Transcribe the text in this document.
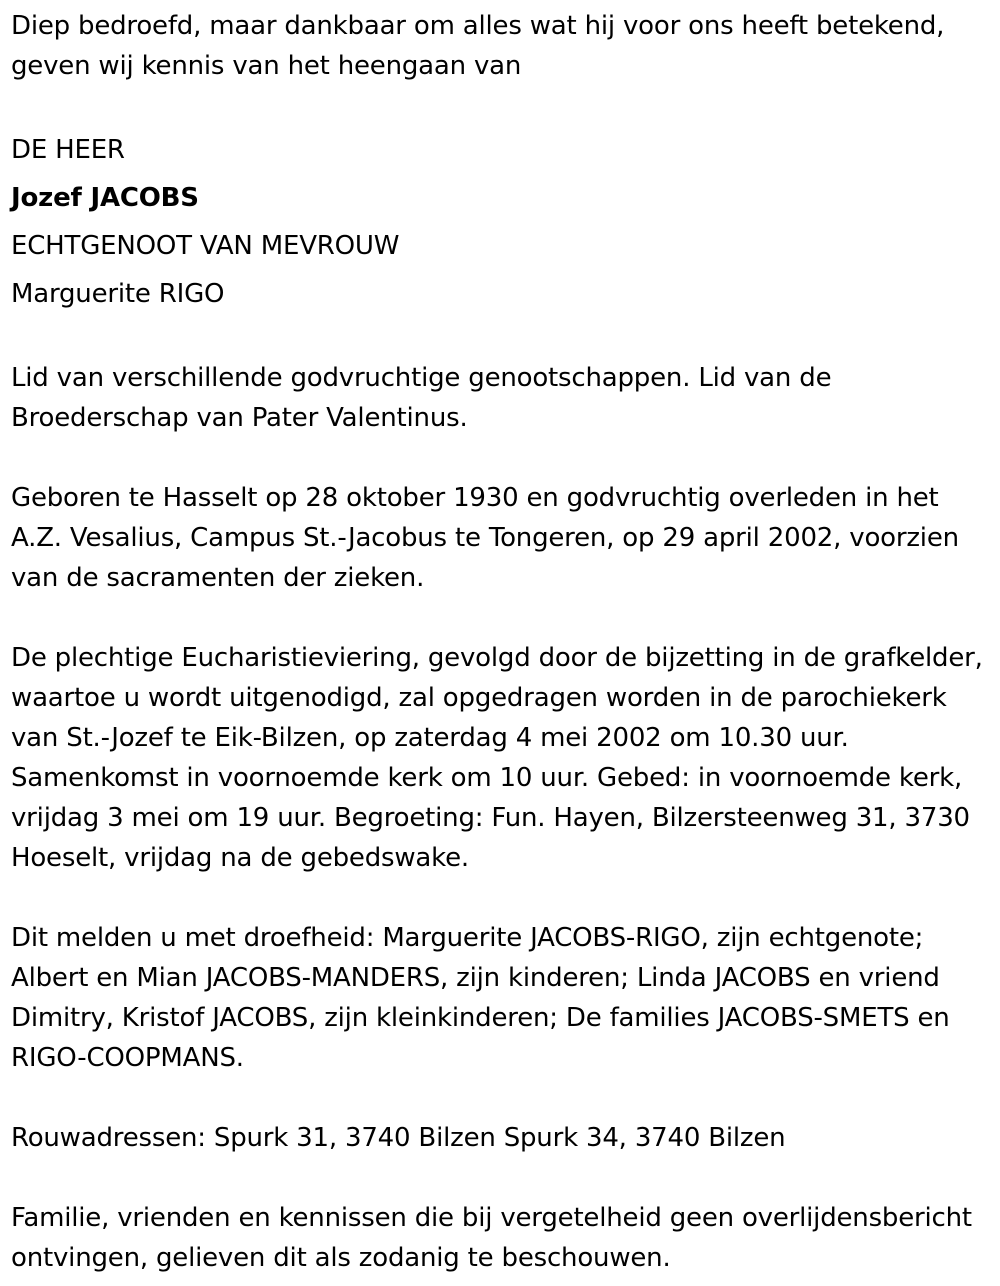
Diep bedroefd, maar dankbaar om alles wat hij voor ons heeft betekend, geven wij kennis van het heengaan van

DE HEER

Jozef JACOBS

ECHTGENOOT VAN MEVROUW

Marguerite RIGO

Lid van verschillende godvruchtige genootschappen. Lid van de Broederschap van Pater Valentinus.

Geboren te Hasselt op 28 oktober 1930 en godvruchtig overleden in het A.Z. Vesalius, Campus St.-Jacobus te Tongeren, op 29 april 2002, voorzien van de sacramenten der zieken.

De plechtige Eucharistieviering, gevolgd door de bijzetting in de grafkelder, waartoe u wordt uitgenodigd, zal opgedragen worden in de parochiekerk van St.-Jozef te Eik-Bilzen, op zaterdag 4 mei 2002 om 10.30 uur. Samenkomst in voornoemde kerk om 10 uur. Gebed: in voornoemde kerk, vrijdag 3 mei om 19 uur. Begroeting: Fun. Hayen, Bilzersteenweg 31, 3730 Hoeselt, vrijdag na de gebedswake.

Dit melden u met droefheid: Marguerite JACOBS-RIGO, zijn echtgenote; Albert en Mian JACOBS-MANDERS, zijn kinderen; Linda JACOBS en vriend Dimitry, Kristof JACOBS, zijn kleinkinderen; De families JACOBS-SMETS en RIGO-COOPMANS.

Rouwadressen: Spurk 31, 3740 Bilzen Spurk 34, 3740 Bilzen

Familie, vrienden en kennissen die bij vergetelheid geen overlijdensbericht ontvingen, gelieven dit als zodanig te beschouwen.
